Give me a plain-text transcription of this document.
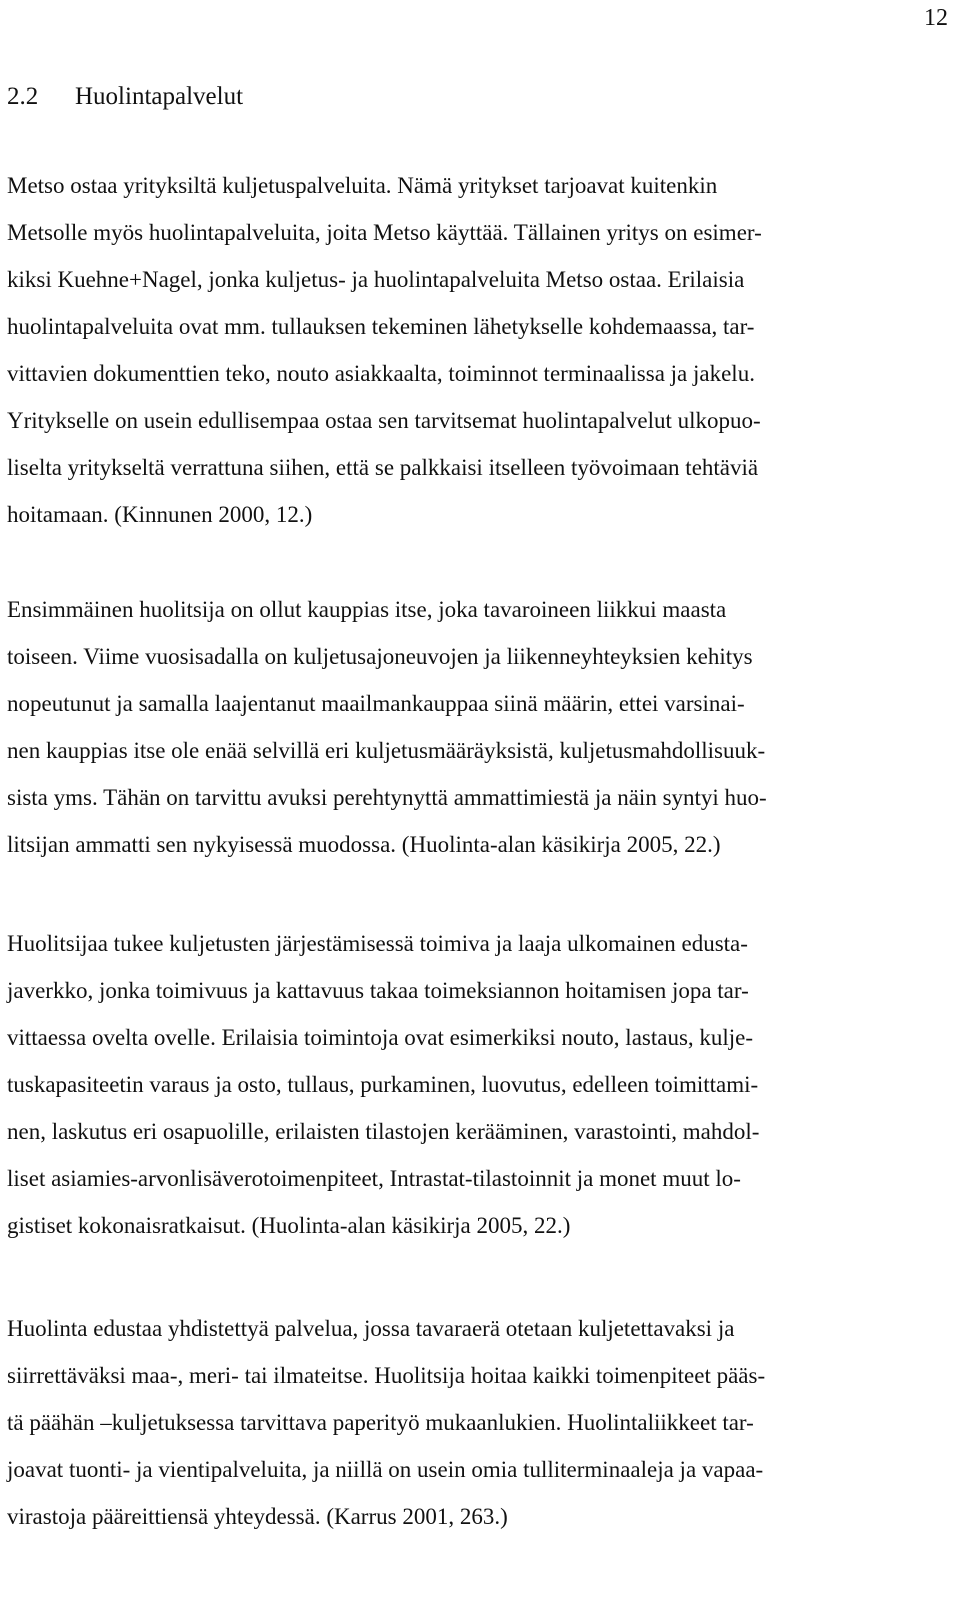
12
2.2 Huolintapalvelut
Metso ostaa yrityksiltä kuljetuspalveluita. Nämä yritykset tarjoavat kuitenkin
Metsolle myös huolintapalveluita, joita Metso käyttää. Tällainen yritys on esimer-
kiksi Kuehne+Nagel, jonka kuljetus- ja huolintapalveluita Metso ostaa. Erilaisia
huolintapalveluita ovat mm. tullauksen tekeminen lähetykselle kohdemaassa, tar-
vittavien dokumenttien teko, nouto asiakkaalta, toiminnot terminaalissa ja jakelu.
Yritykselle on usein edullisempaa ostaa sen tarvitsemat huolintapalvelut ulkopuo-
liselta yritykseltä verrattuna siihen, että se palkkaisi itselleen työvoimaan tehtäviä
hoitamaan. (Kinnunen 2000, 12.)
Ensimmäinen huolitsija on ollut kauppias itse, joka tavaroineen liikkui maasta
toiseen. Viime vuosisadalla on kuljetusajoneuvojen ja liikenneyhteyksien kehitys
nopeutunut ja samalla laajentanut maailmankauppaa siinä määrin, ettei varsinai-
nen kauppias itse ole enää selvillä eri kuljetusmääräyksistä, kuljetusmahdollisuuk-
sista yms. Tähän on tarvittu avuksi perehtynyttä ammattimiestä ja näin syntyi huo-
litsijan ammatti sen nykyisessä muodossa. (Huolinta-alan käsikirja 2005, 22.)
Huolitsijaa tukee kuljetusten järjestämisessä toimiva ja laaja ulkomainen edusta-
javerkko, jonka toimivuus ja kattavuus takaa toimeksiannon hoitamisen jopa tar-
vittaessa ovelta ovelle. Erilaisia toimintoja ovat esimerkiksi nouto, lastaus, kulje-
tuskapasiteetin varaus ja osto, tullaus, purkaminen, luovutus, edelleen toimittami-
nen, laskutus eri osapuolille, erilaisten tilastojen kerääminen, varastointi, mahdol-
liset asiamies-arvonlisäverotoimenpiteet, Intrastat-tilastoinnit ja monet muut lo-
gistiset kokonaisratkaisut. (Huolinta-alan käsikirja 2005, 22.)
Huolinta edustaa yhdistettyä palvelua, jossa tavaraerä otetaan kuljetettavaksi ja
siirrettäväksi maa-, meri- tai ilmateitse. Huolitsija hoitaa kaikki toimenpiteet pääs-
tä päähän –kuljetuksessa tarvittava paperityö mukaanlukien. Huolintaliikkeet tar-
joavat tuonti- ja vientipalveluita, ja niillä on usein omia tulliterminaaleja ja vapaa-
virastoja pääreittiensä yhteydessä. (Karrus 2001, 263.)
